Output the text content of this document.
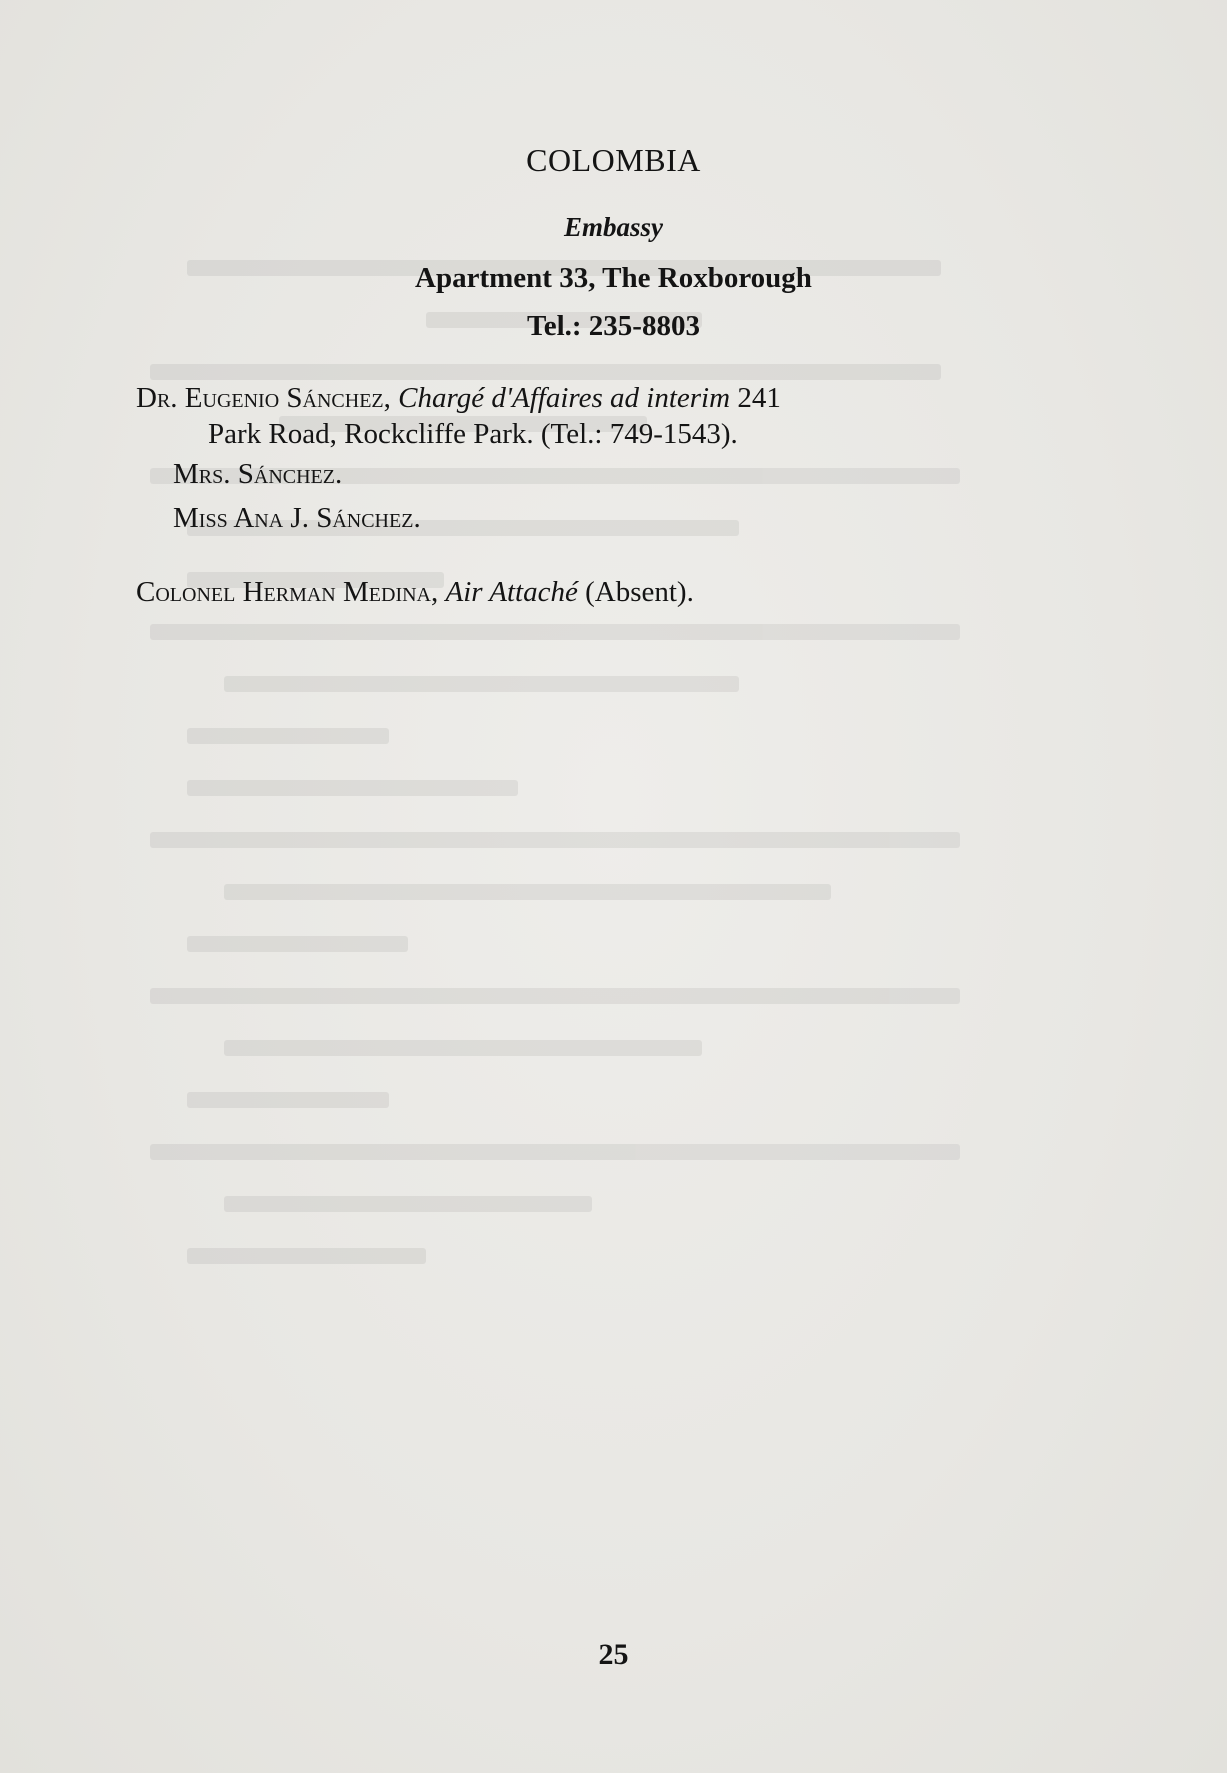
COLOMBIA
Embassy
Apartment 33, The Roxborough
Tel.: 235-8803
Dr. Eugenio Sánchez, Chargé d'Affaires ad interim 241
Park Road, Rockcliffe Park. (Tel.: 749-1543).
Mrs. Sánchez.
Miss Ana J. Sánchez.
Colonel Herman Medina, Air Attaché (Absent).
25
